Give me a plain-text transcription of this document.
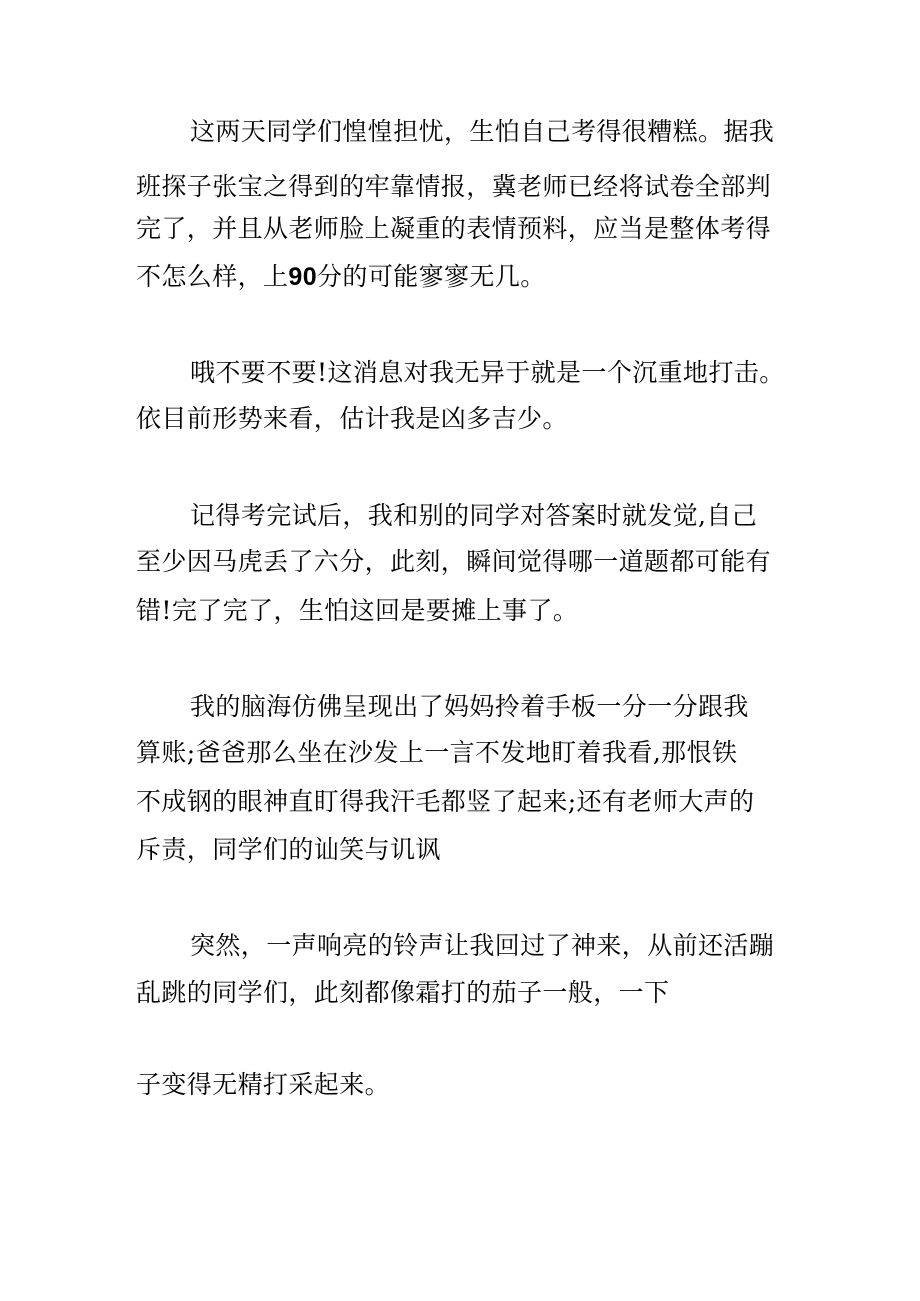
这两天同学们惶惶担忧，生怕自己考得很糟糕。据我
班探子张宝之得到的牢靠情报，冀老师已经将试卷全部判
完了，并且从老师脸上凝重的表情预料，应当是整体考得
不怎么样，上90分的可能寥寥无几。
哦不要不要!这消息对我无异于就是一个沉重地打击。
依目前形势来看，估计我是凶多吉少。
记得考完试后，我和别的同学对答案时就发觉,自己
至少因马虎丢了六分，此刻，瞬间觉得哪一道题都可能有
错!完了完了，生怕这回是要摊上事了。
我的脑海仿佛呈现出了妈妈拎着手板一分一分跟我
算账;爸爸那么坐在沙发上一言不发地盯着我看,那恨铁
不成钢的眼神直盯得我汗毛都竖了起来;还有老师大声的
斥责，同学们的讪笑与讥讽
突然，一声响亮的铃声让我回过了神来，从前还活蹦
乱跳的同学们，此刻都像霜打的茄子一般，一下
子变得无精打采起来。
